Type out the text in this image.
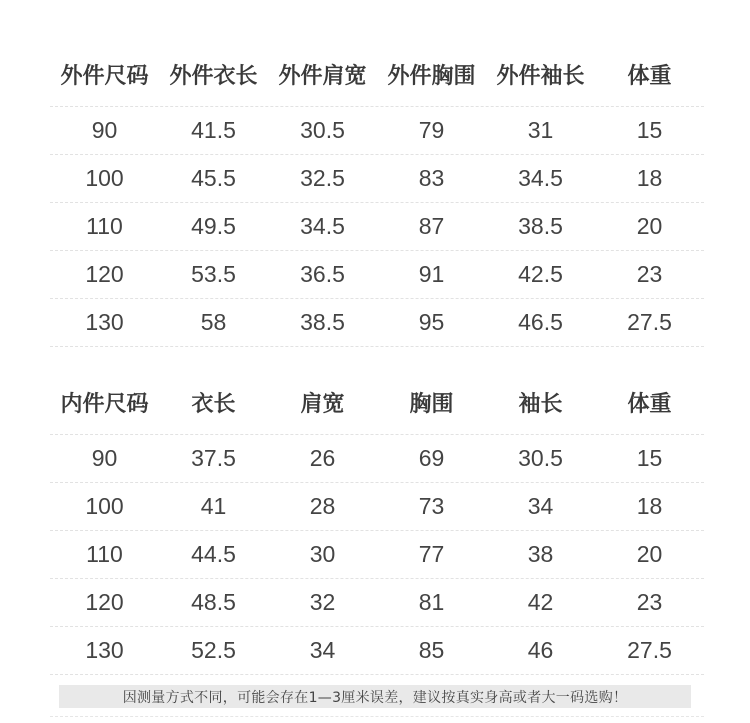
外件尺码 外件衣长 外件肩宽 外件胸围 外件袖长	体重
90	41.5	30.5	79	31	15
100	45.5	32.5	83	34.5	18
110	49.5	34.5	87	38.5	20
120	53.5	36.5	91	42.5	23
130	58	38.5	95	46.5	27.5
内件尺码	衣长	肩宽	胸围	袖长	体重
90	37.5	26	69	30.5	15
100	41	28	73	34	18
110	44.5	30	77	38	20
120	48.5	32	81	42	23
130	52.5	34	85	46	27.5
因测量方式不同，可能会存在1—3厘米误差，建议按真实身高或者大一码选购！
